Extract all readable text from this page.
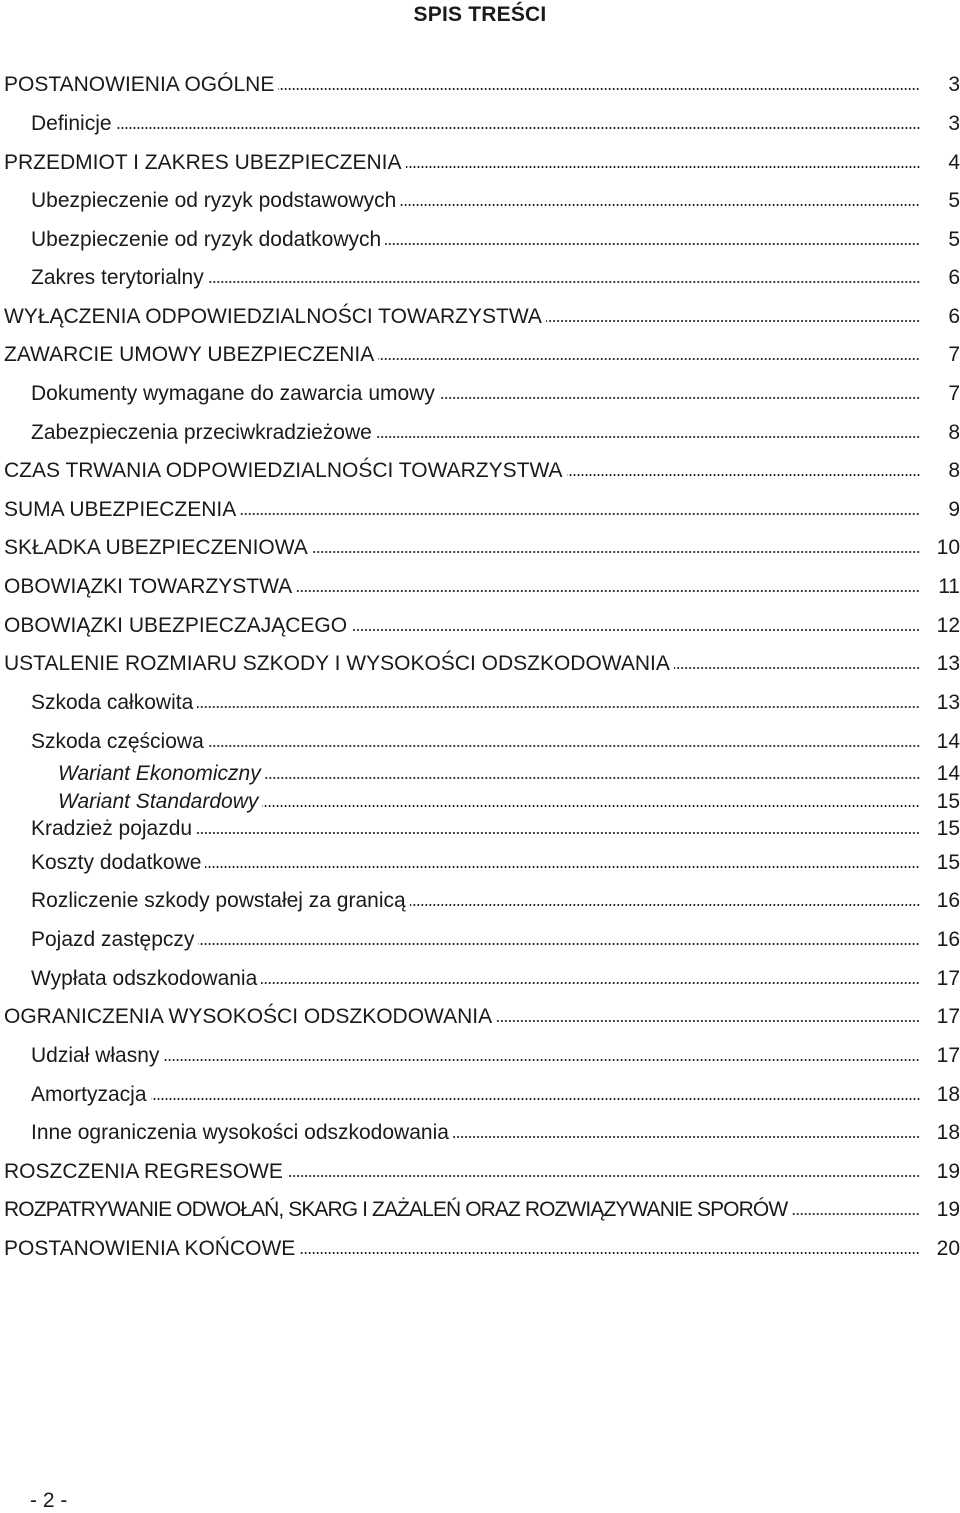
SPIS TREŚCI
POSTANOWIENIA OGÓLNE	3
Definicje	3
PRZEDMIOT I ZAKRES UBEZPIECZENIA	4
Ubezpieczenie od ryzyk podstawowych	5
Ubezpieczenie od ryzyk dodatkowych	5
Zakres terytorialny	6
WYŁĄCZENIA ODPOWIEDZIALNOŚCI TOWARZYSTWA	6
ZAWARCIE UMOWY UBEZPIECZENIA	7
Dokumenty wymagane do zawarcia umowy	7
Zabezpieczenia przeciwkradzieżowe	8
CZAS TRWANIA ODPOWIEDZIALNOŚCI TOWARZYSTWA	8
SUMA UBEZPIECZENIA	9
SKŁADKA UBEZPIECZENIOWA	10
OBOWIĄZKI TOWARZYSTWA	11
OBOWIĄZKI UBEZPIECZAJĄCEGO	12
USTALENIE ROZMIARU SZKODY I WYSOKOŚCI ODSZKODOWANIA	13
Szkoda całkowita	13
Szkoda częściowa	14
Wariant Ekonomiczny	14
Wariant Standardowy	15
Kradzież pojazdu	15
Koszty dodatkowe	15
Rozliczenie szkody powstałej za granicą	16
Pojazd zastępczy	16
Wypłata odszkodowania	17
OGRANICZENIA WYSOKOŚCI ODSZKODOWANIA	17
Udział własny	17
Amortyzacja	18
Inne ograniczenia wysokości odszkodowania	18
ROSZCZENIA REGRESOWE	19
ROZPATRYWANIE ODWOŁAŃ, SKARG I ZAŻALEŃ ORAZ ROZWIĄZYWANIE SPORÓW	19
POSTANOWIENIA KOŃCOWE	20
- 2 -
